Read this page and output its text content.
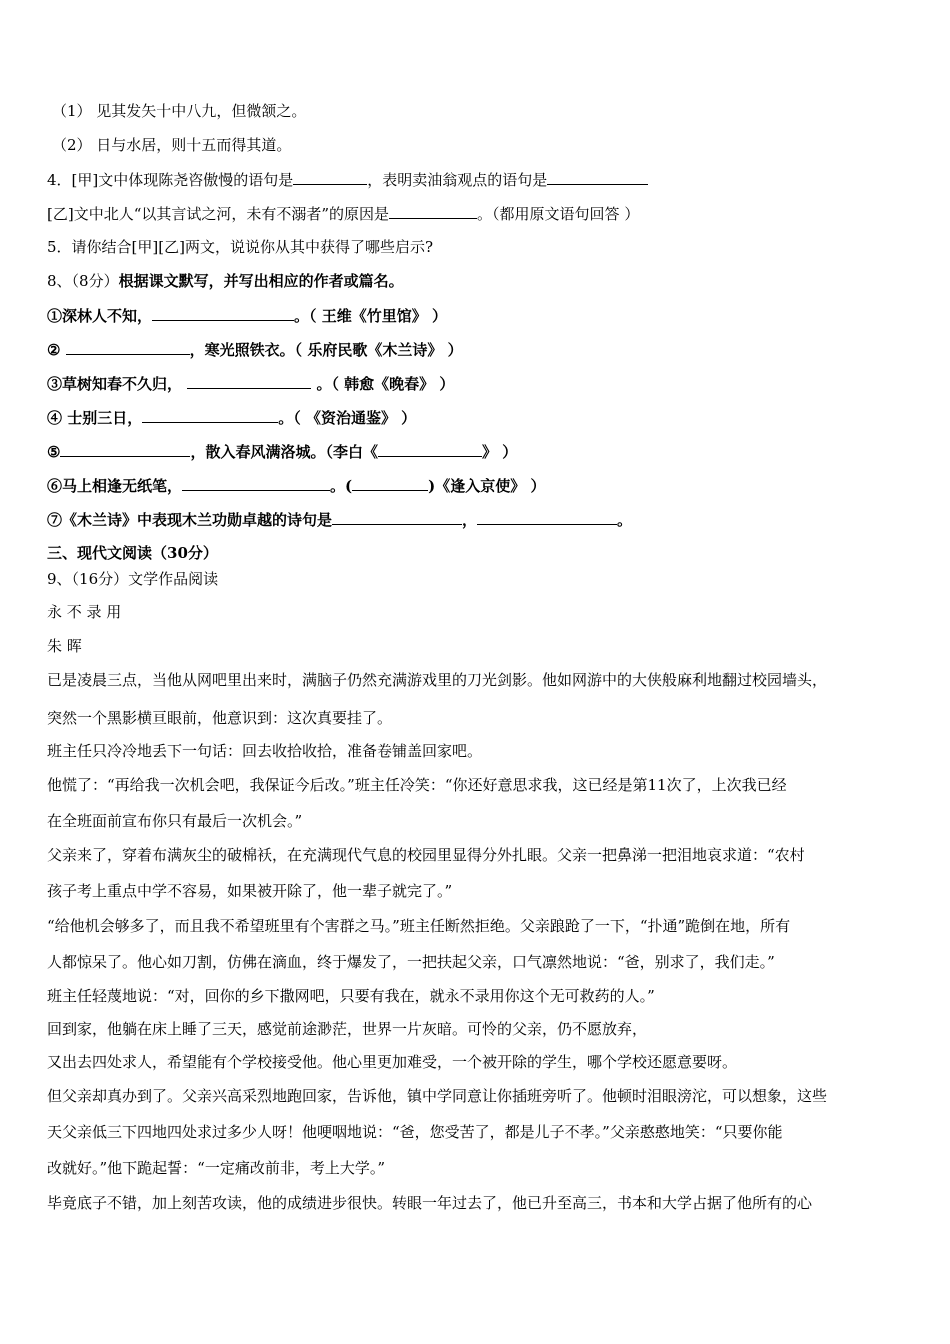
（1） 见其发矢十中八九，但微颔之。
（2） 日与水居，则十五而得其道。
4．[甲]文中体现陈尧咨傲慢的语句是	，表明卖油翁观点的语句是
[乙]文中北人“以其言试之河，未有不溺者”的原因是	。（都用原文语句回答 ）
5．请你结合[甲][乙]两文，说说你从其中获得了哪些启示?
8、（8分）根据课文默写，并写出相应的作者或篇名。
①深林人不知，	。（ 王维《竹里馆》 ）
②	，寒光照铁衣。（ 乐府民歌《木兰诗》 ）
③草树知春不久归，	。（ 韩愈《晚春》 ）
④ 士别三日，	。（ 《资治通鉴》 ）
⑤	，散入春风满洛城。（李白《	》 ）
⑥马上相逢无纸笔，	。(	)《逢入京使》 ）
⑦《木兰诗》中表现木兰功勋卓越的诗句是	，	。
三、现代文阅读（30分）
9、（16分）文学作品阅读
永 不 录 用
朱 晖
已是凌晨三点，当他从网吧里出来时，满脑子仍然充满游戏里的刀光剑影。他如网游中的大侠般麻利地翻过校园墙头，
突然一个黑影横亘眼前，他意识到：这次真要挂了。
班主任只冷冷地丢下一句话：回去收拾收拾，准备卷铺盖回家吧。
他慌了：“再给我一次机会吧，我保证今后改。”班主任冷笑：“你还好意思求我，这已经是第11次了，上次我已经
在全班面前宣布你只有最后一次机会。”
父亲来了，穿着布满灰尘的破棉袄，在充满现代气息的校园里显得分外扎眼。父亲一把鼻涕一把泪地哀求道：“农村
孩子考上重点中学不容易，如果被开除了，他一辈子就完了。”
“给他机会够多了，而且我不希望班里有个害群之马。”班主任断然拒绝。父亲踉跄了一下，“扑通”跪倒在地，所有
人都惊呆了。他心如刀割，仿佛在滴血，终于爆发了，一把扶起父亲，口气凛然地说：“爸，别求了，我们走。”
班主任轻蔑地说：“对，回你的乡下撒网吧，只要有我在，就永不录用你这个无可救药的人。”
回到家，他躺在床上睡了三天，感觉前途渺茫，世界一片灰暗。可怜的父亲，仍不愿放弃，
又出去四处求人，希望能有个学校接受他。他心里更加难受，一个被开除的学生，哪个学校还愿意要呀。
但父亲却真办到了。父亲兴高采烈地跑回家，告诉他，镇中学同意让你插班旁听了。他顿时泪眼滂沱，可以想象，这些
天父亲低三下四地四处求过多少人呀！他哽咽地说：“爸，您受苦了，都是儿子不孝。”父亲憨憨地笑：“只要你能
改就好。”他下跪起誓：“一定痛改前非，考上大学。”
毕竟底子不错，加上刻苦攻读，他的成绩进步很快。转眼一年过去了，他已升至高三，书本和大学占据了他所有的心
